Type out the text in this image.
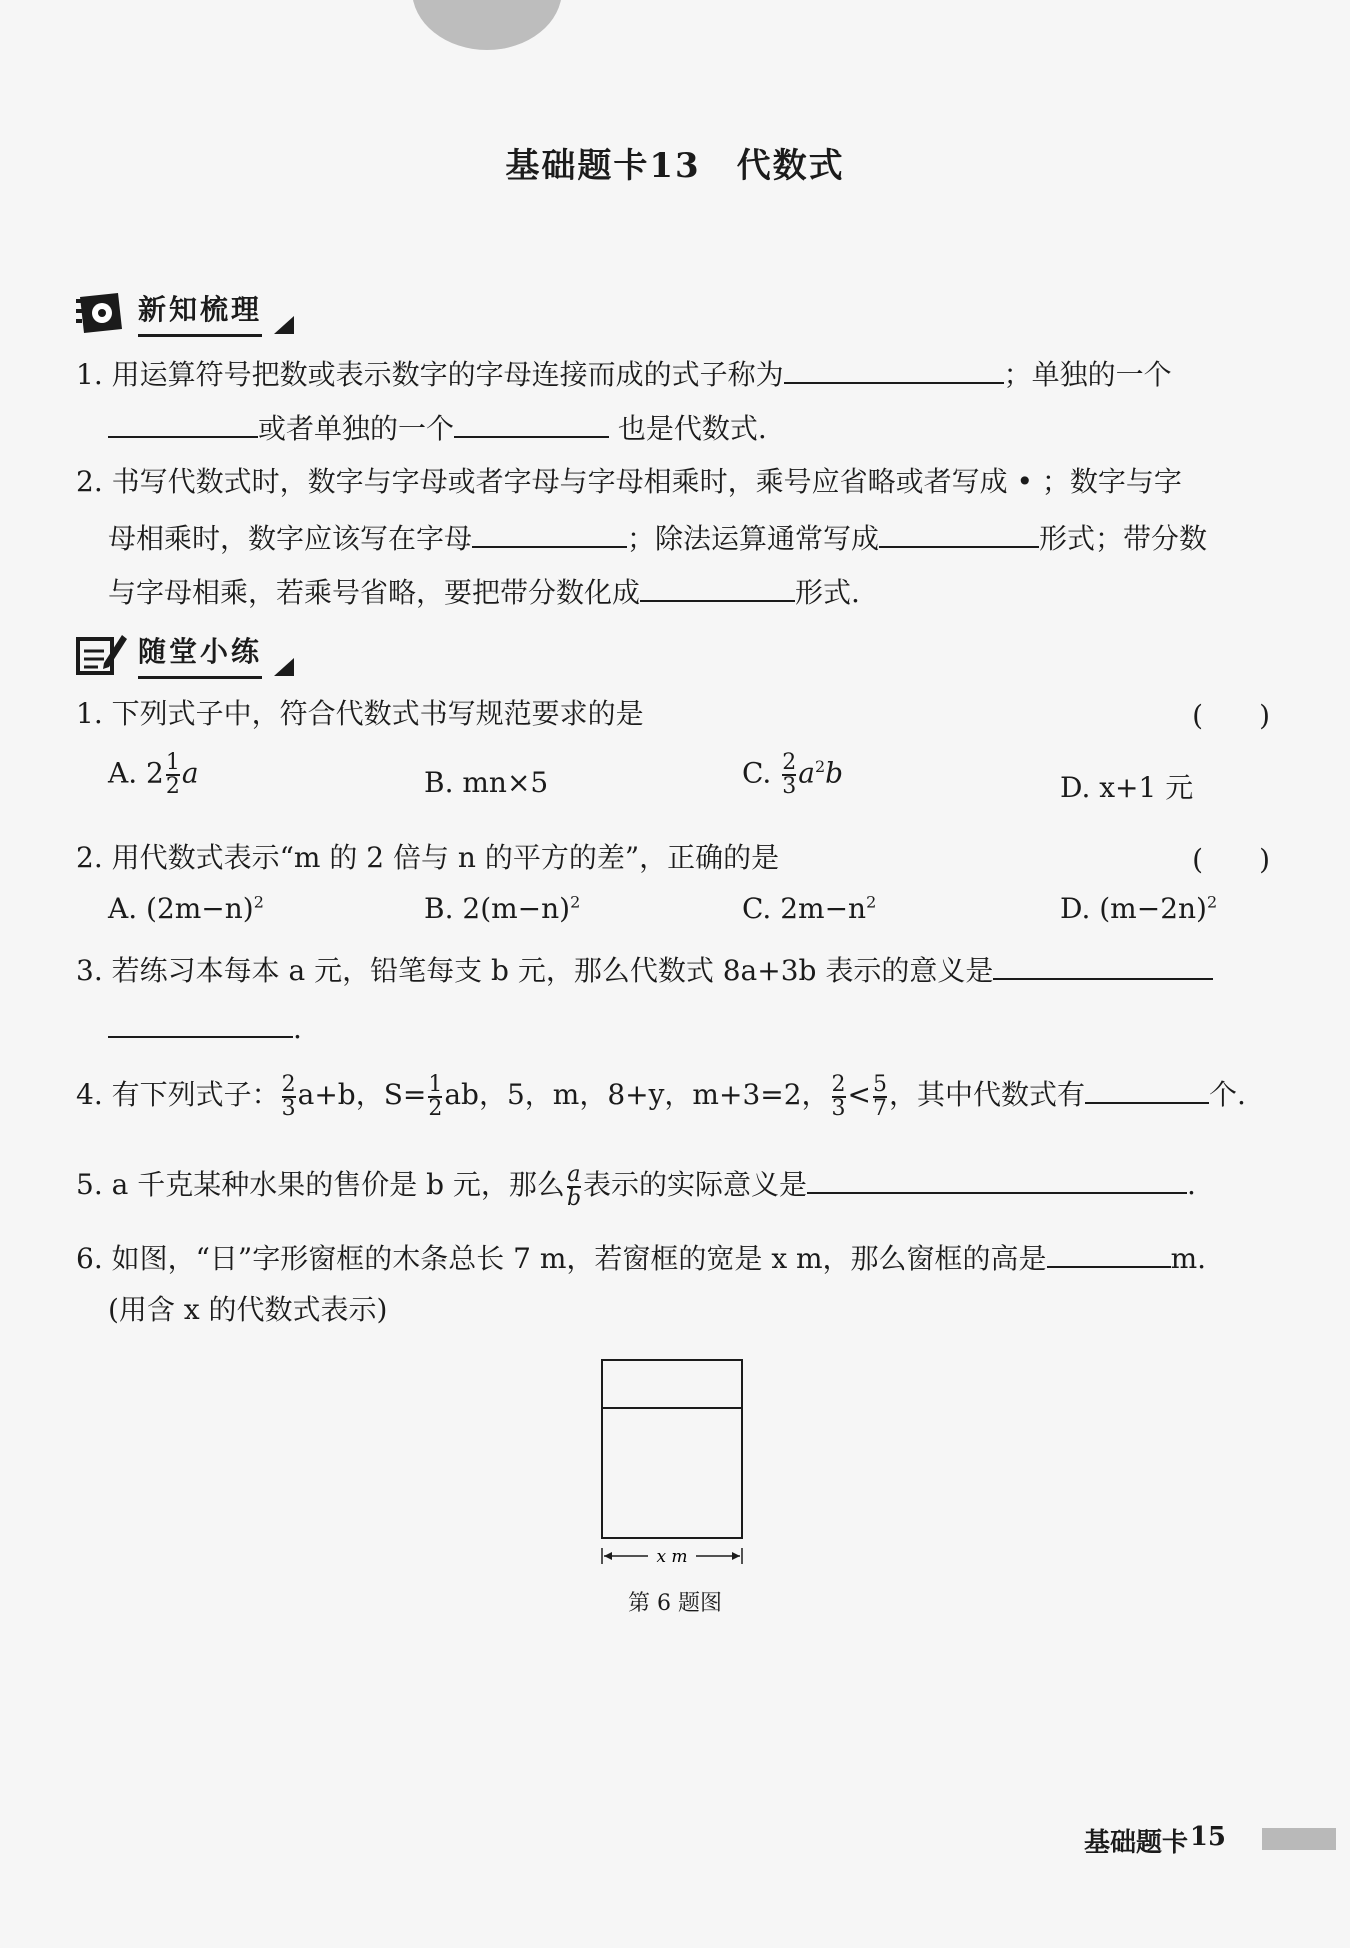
基础题卡13　代数式
新知梳理
1. 用运算符号把数或表示数字的字母连接而成的式子称为	；单独的一个
或者单独的一个	也是代数式.
2. 书写代数式时，数字与字母或者字母与字母相乘时，乘号应省略或者写成 • ；数字与字
母相乘时，数字应该写在字母	；除法运算通常写成	形式；带分数
与字母相乘，若乘号省略，要把带分数化成	形式.
随堂小练
1. 下列式子中，符合代数式书写规范要求的是	(　　)
A. $2 \frac{1}{2}$ a	B. mn×5	C. $\frac{2}{3} a^2b$	D. x+1 元
2. 用代数式表示“m 的 2 倍与 n 的平方的差”，正确的是	(　　)
A. $(2m-n)^2$	B. $2(m-n)^2$	C. $2m-n^2$	D. $(m-2n)^2$
3. 若练习本每本 a 元，铅笔每支 b 元，那么代数式 8a+3b 表示的意义是
.
4. 有下列式子： $\frac{2}{3} a+b$，$S= \frac{1}{2}$ ab，5，m，8+y，m+3=2， $\frac{2}{3} < \frac{5}{7}$ ，其中代数式有	个.
5. a 千克某种水果的售价是 b 元，那么$\frac{a}{b}$ 表示的实际意义是	.
6. 如图，“日”字形窗框的木条总长 7 m，若窗框的宽是 x m，那么窗框的高是	m.
(用含 x 的代数式表示)
x m
第 6 题图
基础题卡 15
